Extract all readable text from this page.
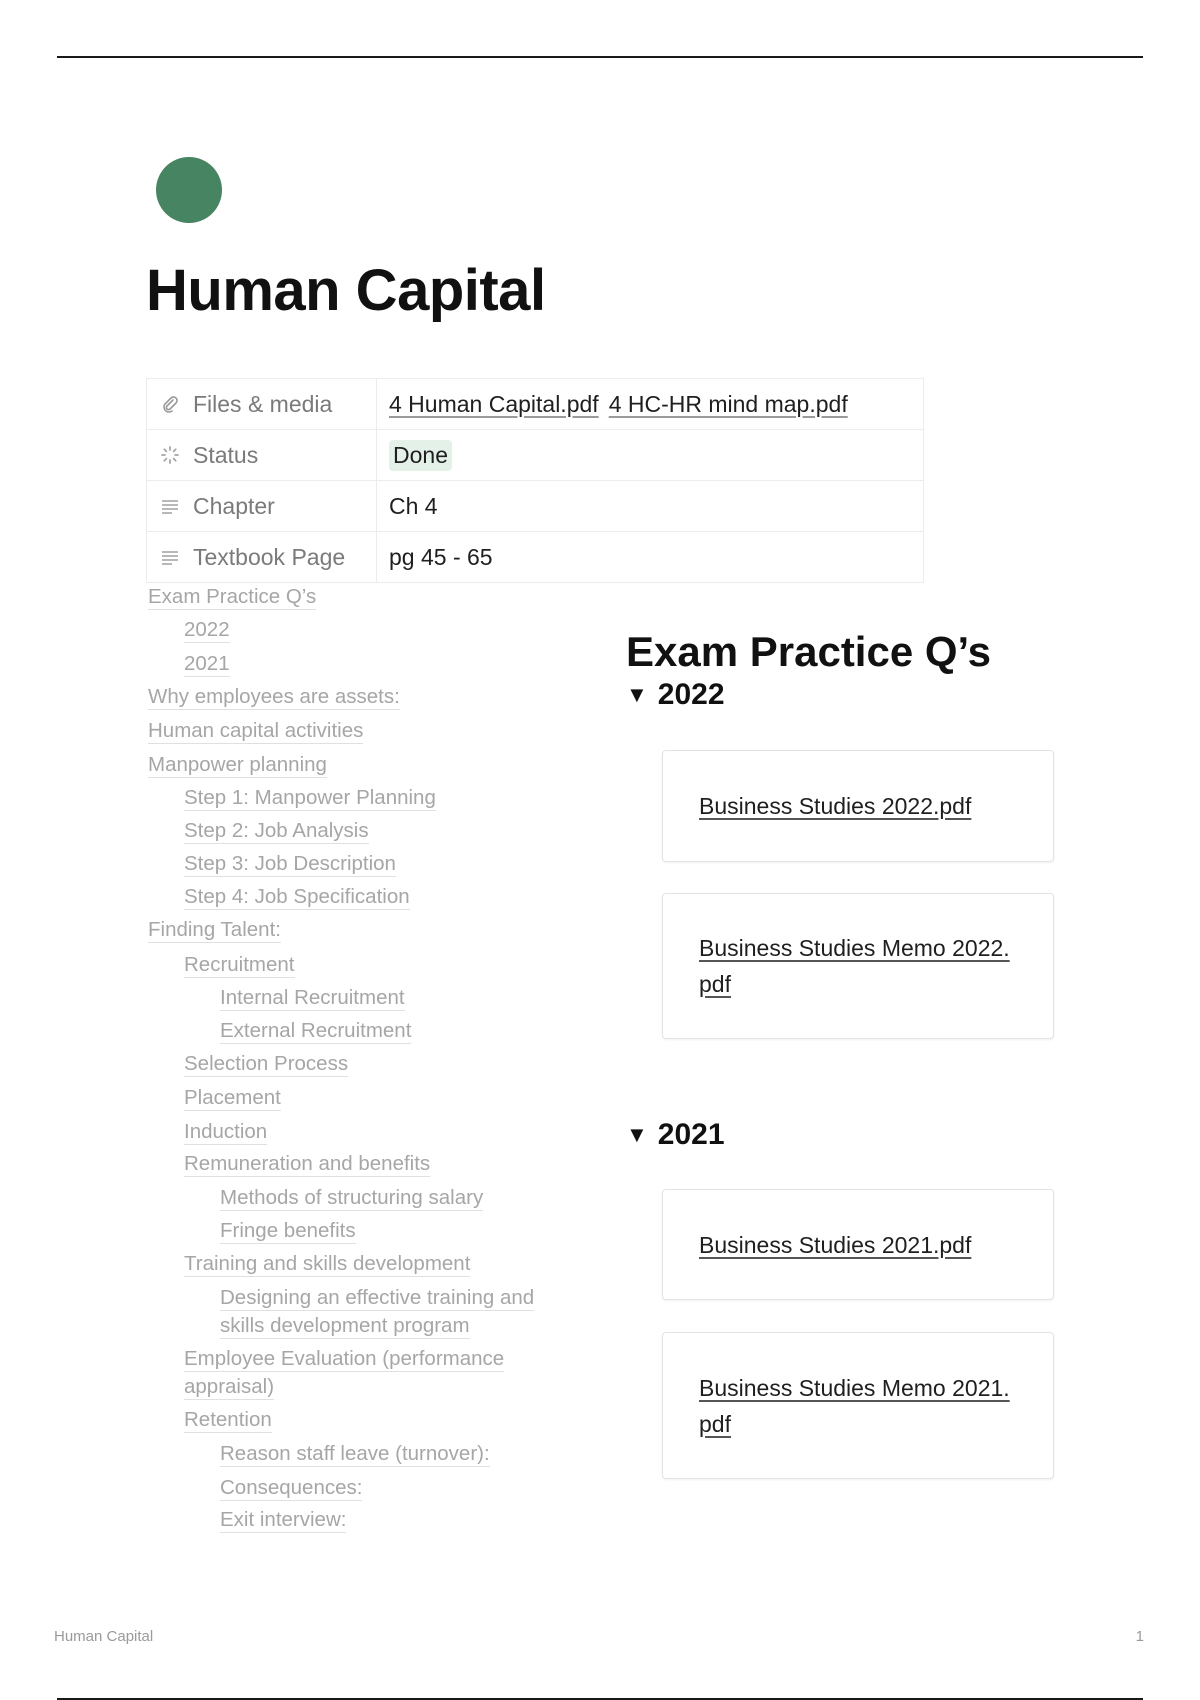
Human Capital
Files & media 4 Human Capital.pdf 4 HC-HR mind map.pdf
Status	Done
Chapter	Ch 4
Textbook Page pg 45 - 65
Exam Practice Q’s
2022
2021
Why employees are assets:
Human capital activities
Manpower planning
Step 1: Manpower Planning
Step 2: Job Analysis
Step 3: Job Description
Step 4: Job Specification
Finding Talent:
Recruitment
Internal Recruitment
External Recruitment
Selection Process
Placement
Induction
Remuneration and benefits
Methods of structuring salary
Fringe benefits
Training and skills development
Designing an effective training and skills development program
Employee Evaluation (performance appraisal)
Retention
Reason staff leave (turnover):
Consequences:
Exit interview:
Exam Practice Q’s
▼ 2022
Business Studies 2022.pdf
Business Studies Memo 2022.pdf
▼ 2021
Business Studies 2021.pdf
Business Studies Memo 2021.pdf
Human Capital	1
